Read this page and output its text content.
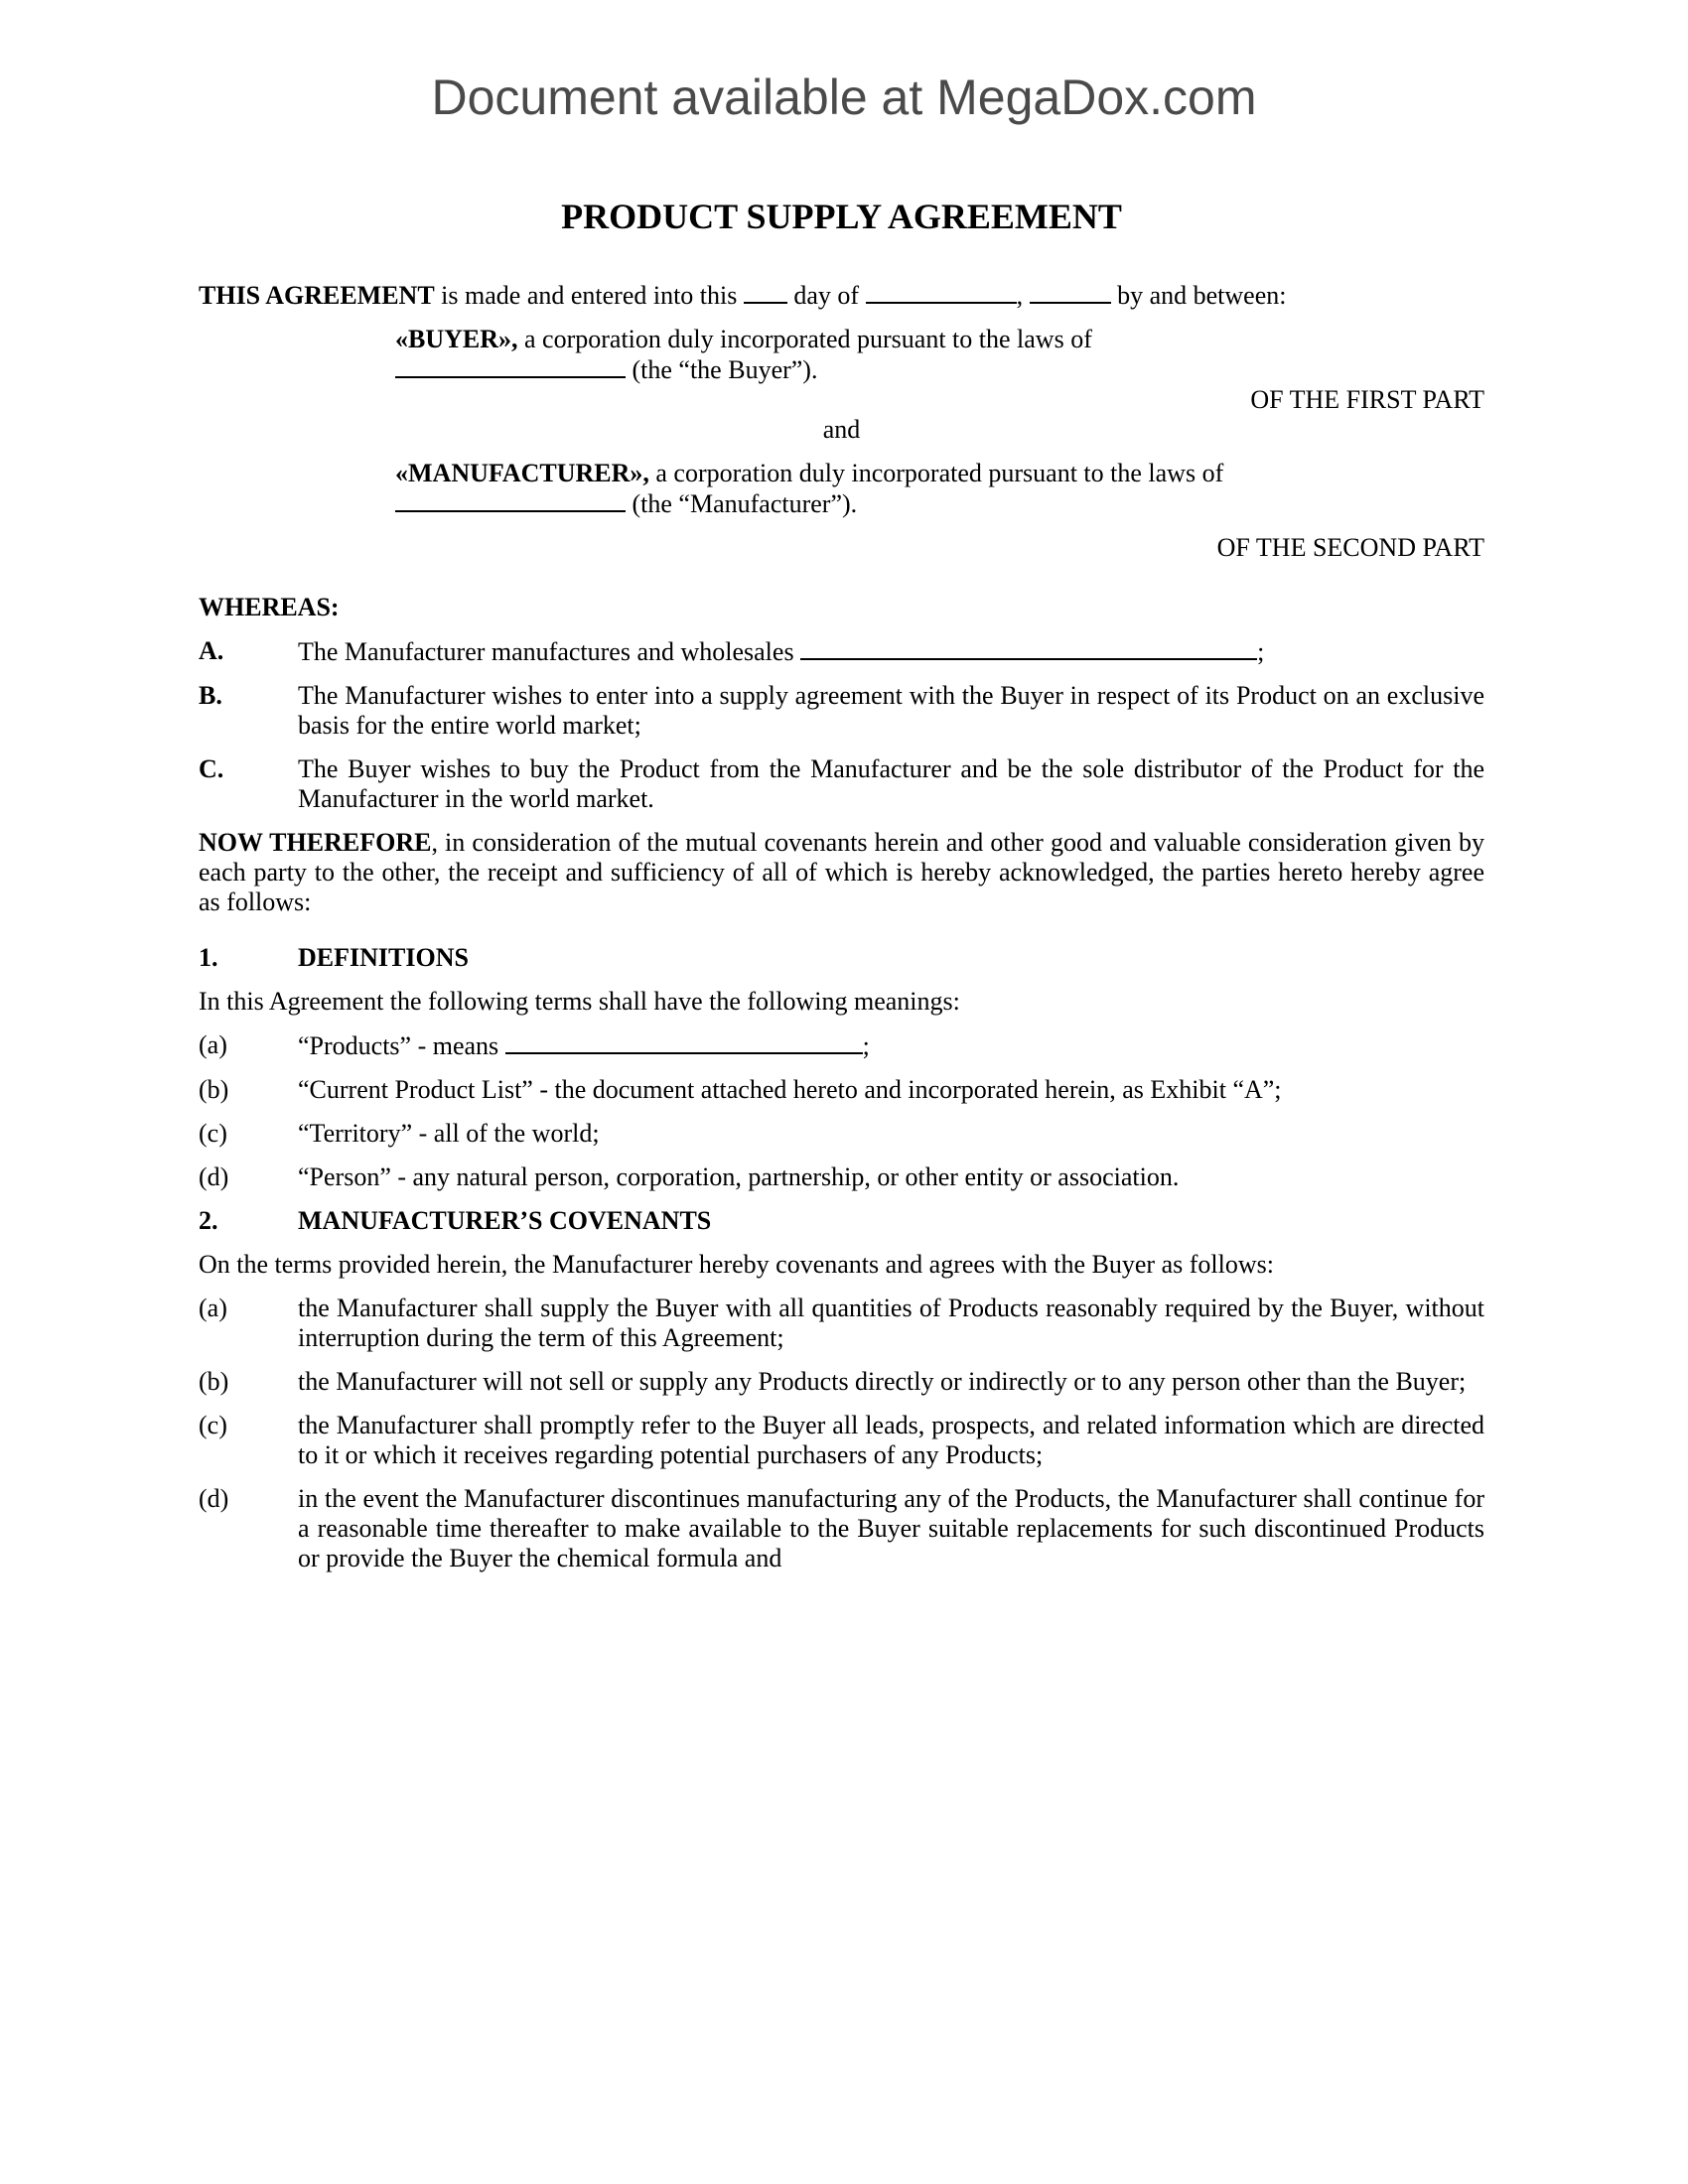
Document available at MegaDox.com

PRODUCT SUPPLY AGREEMENT

THIS AGREEMENT is made and entered into this  day of	,	by and between:

«BUYER», a corporation duly incorporated pursuant to the laws of
(the “the Buyer”).

OF THE FIRST PART

and

«MANUFACTURER», a corporation duly incorporated pursuant to the laws of  (the “Manufacturer”).

OF THE SECOND PART

WHEREAS:

A.	The Manufacturer manufactures and wholesales	;
B.	The Manufacturer wishes to enter into a supply agreement with the Buyer in respect of its Product on an exclusive basis for the entire world market;
C.	The Buyer wishes to buy the Product from the Manufacturer and be the sole distributor of the Product for the Manufacturer in the world market.

NOW THEREFORE, in consideration of the mutual covenants herein and other good and valuable consideration given by each party to the other, the receipt and sufficiency of all of which is hereby acknowledged, the parties hereto hereby agree as follows:

1.	DEFINITIONS

In this Agreement the following terms shall have the following meanings:

(a)	“Products” - means	;
(b)	“Current Product List” - the document attached hereto and incorporated herein, as Exhibit “A”;
(c)	“Territory” - all of the world;
(d)	“Person” - any natural person, corporation, partnership, or other entity or association.
2.	MANUFACTURER’S COVENANTS

On the terms provided herein, the Manufacturer hereby covenants and agrees with the Buyer as follows:

(a)	the Manufacturer shall supply the Buyer with all quantities of Products reasonably required by the Buyer, without interruption during the term of this Agreement;
(b)	the Manufacturer will not sell or supply any Products directly or indirectly or to any person other than the Buyer;
(c)	the Manufacturer shall promptly refer to the Buyer all leads, prospects, and related information which are directed to it or which it receives regarding potential purchasers of any Products;
(d)	in the event the Manufacturer discontinues manufacturing any of the Products, the Manufacturer shall continue for a reasonable time thereafter to make available to the Buyer suitable replacements for such discontinued Products or provide the Buyer the chemical formula and
